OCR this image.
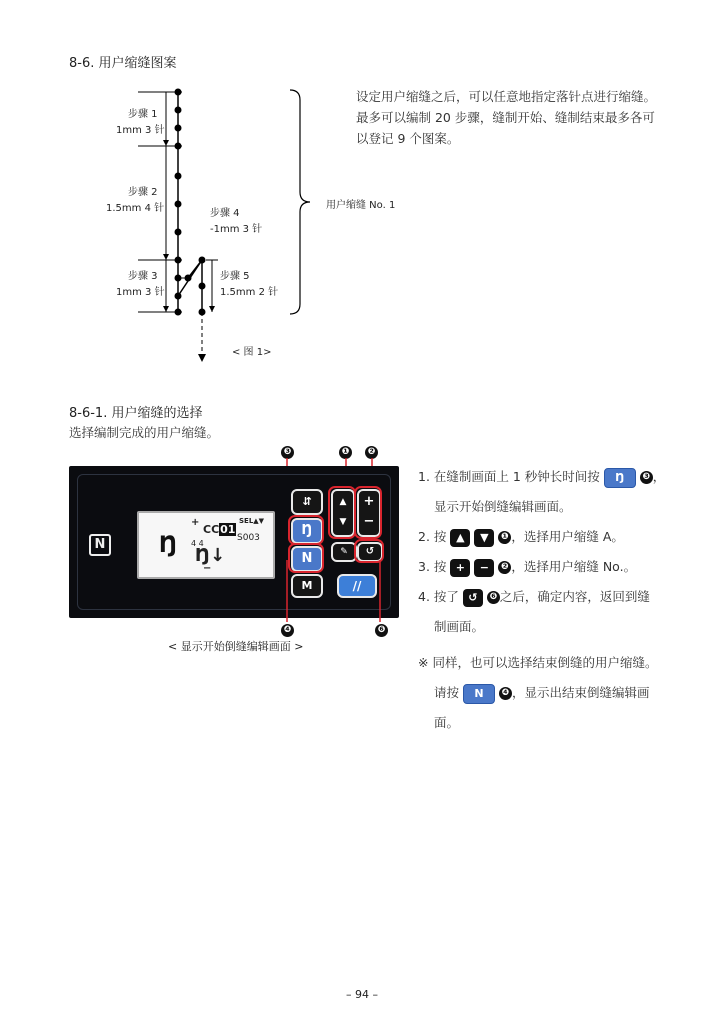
8-6. 用户缩缝图案
步骤 1
1mm 3 针
步骤 2
1.5mm 4 针	步骤 4
-1mm 3 针
步骤 3
1mm 3 针
步骤 5
1.5mm 2 针
用户缩缝 No. 1
< 图 1>
设定用户缩缝之后，可以任意地指定落针点进行缩缝。
最多可以编制 20 步骤，缝制开始、缝制结束最多各可
以登记 9 个图案。
8-6-1. 用户缩缝的选择
选择编制完成的用户缩缝。
❸	❶ ❷
N Ŋ
+	SEL▲▼
CC01
4 4
S003
Ŋ↓
−
⇵
Ŋ
N
▲
▼
+
−
✎	↺
M	//
❹	❻
< 显示开始倒缝编辑画面 >
1. 在缝制画面上 1 秒钟长时间按 Ŋ ❸ ，
显示开始倒缝编辑画面。
2. 按 ▲ ▼ ❶ ，选择用户缩缝 A。
3. 按 + − ❷ ，选择用户缩缝 No.。
4. 按了 ↺ ❻ 之后，确定内容，返回到缝
制画面。
※ 同样，也可以选择结束倒缝的用户缩缝。
请按 N ❹ ，显示出结束倒缝编辑画
面。
– 94 –
